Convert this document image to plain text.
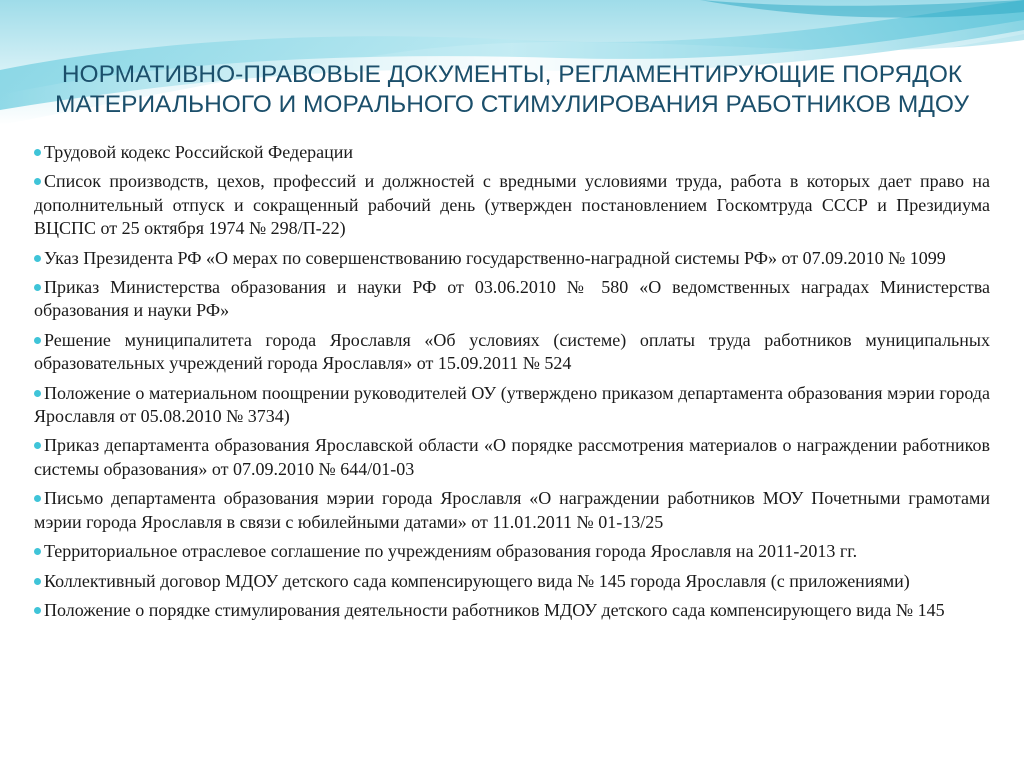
НОРМАТИВНО-ПРАВОВЫЕ ДОКУМЕНТЫ, РЕГЛАМЕНТИРУЮЩИЕ ПОРЯДОК
МАТЕРИАЛЬНОГО И МОРАЛЬНОГО СТИМУЛИРОВАНИЯ РАБОТНИКОВ МДОУ
Трудовой кодекс Российской Федерации
Список производств, цехов, профессий и должностей с вредными условиями труда, работа в которых дает право на дополнительный отпуск и сокращенный рабочий день (утвержден постановлением Госкомтруда СССР и Президиума ВЦСПС от 25 октября 1974 № 298/П-22)
Указ Президента РФ «О мерах по совершенствованию государственно-наградной системы РФ» от 07.09.2010 № 1099
Приказ Министерства образования и науки РФ от 03.06.2010 № 580 «О ведомственных наградах Министерства образования и науки РФ»
Решение муниципалитета города Ярославля «Об условиях (системе) оплаты труда работников муниципальных образовательных учреждений города Ярославля» от 15.09.2011 № 524
Положение о материальном поощрении руководителей ОУ (утверждено приказом департамента образования мэрии города Ярославля от 05.08.2010 № 3734)
Приказ департамента образования Ярославской области «О порядке рассмотрения материалов о награждении работников системы образования» от 07.09.2010 № 644/01-03
Письмо департамента образования мэрии города Ярославля «О награждении работников МОУ Почетными грамотами мэрии города Ярославля в связи с юбилейными датами» от 11.01.2011 № 01-13/25
Территориальное отраслевое соглашение по учреждениям образования города Ярославля на 2011-2013 гг.
Коллективный договор МДОУ детского сада компенсирующего вида № 145 города Ярославля (с приложениями)
Положение о порядке стимулирования деятельности работников МДОУ детского сада компенсирующего вида № 145
